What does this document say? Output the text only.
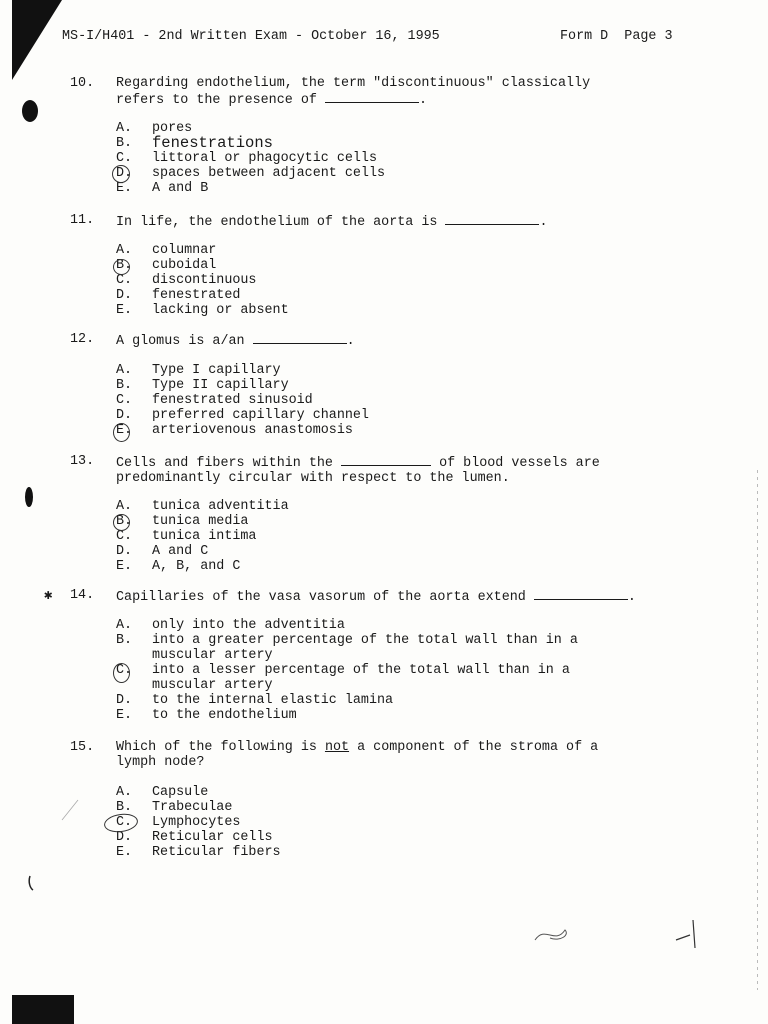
MS-I/H401 - 2nd Written Exam - October 16, 1995

	Form D  Page 3

10. Regarding endothelium, the term "discontinuous" classically
refers to the presence of	.
A. pores
B. fenestrations
C. littoral or phagocytic cells
D. spaces between adjacent cells
E. A and B
11. In life, the endothelium of the aorta is	.
A. columnar
B. cuboidal
C. discontinuous
D. fenestrated
E. lacking or absent
12. A glomus is a/an	.
A. Type I capillary
B. Type II capillary
C. fenestrated sinusoid
D. preferred capillary channel
E. arteriovenous anastomosis
13. Cells and fibers within the	of blood vessels are
predominantly circular with respect to the lumen.
A. tunica adventitia
B. tunica media
C. tunica intima
D. A and C
E. A, B, and C
✱ 14. Capillaries of the vasa vasorum of the aorta extend	.
A. only into the adventitia
B. into a greater percentage of the total wall than in a
muscular artery
C. into a lesser percentage of the total wall than in a
muscular artery
D. to the internal elastic lamina
E. to the endothelium
15. Which of the following is not a component of the stroma of a
lymph node?
A. Capsule
B. Trabeculae
C. Lymphocytes
D. Reticular cells
E. Reticular fibers
